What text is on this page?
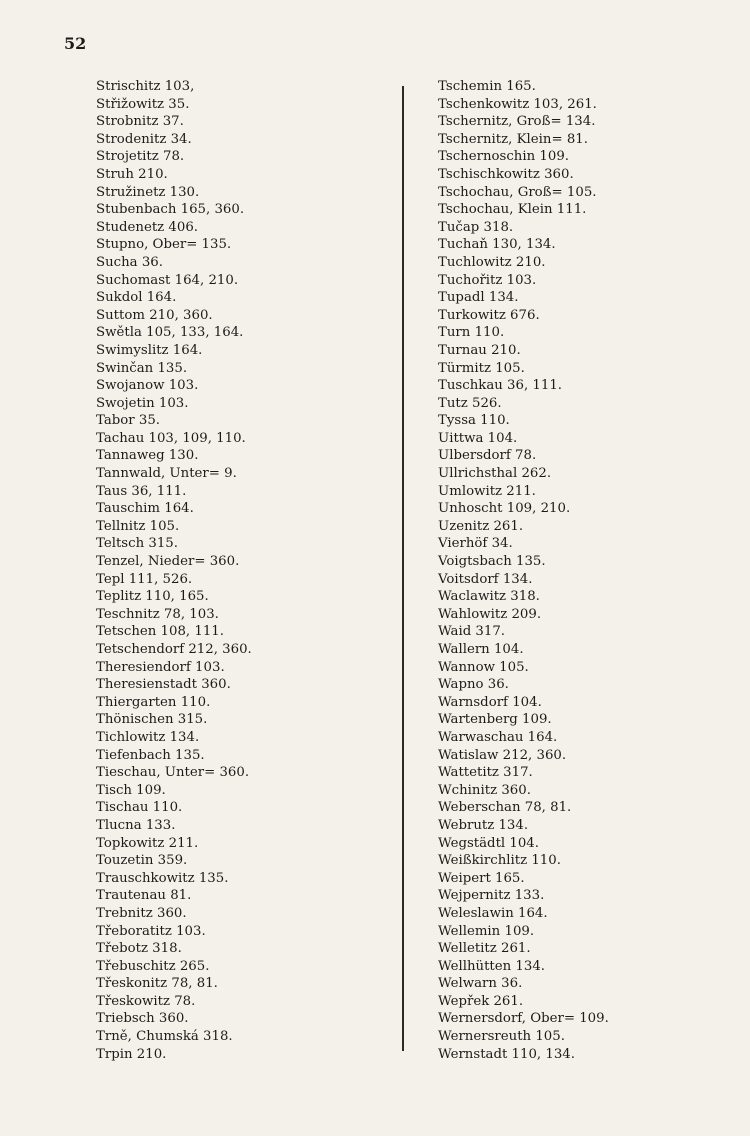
52
Strischitz 103,
Střižowitz 35.
Strobnitz 37.
Strodenitz 34.
Strojetitz 78.
Struh 210.
Stružinetz 130.
Stubenbach 165, 360.
Studenetz 406.
Stupno, Ober= 135.
Sucha 36.
Suchomast 164, 210.
Sukdol 164.
Suttom 210, 360.
Swětla 105, 133, 164.
Swimyslitz 164.
Swinčan 135.
Swojanow 103.
Swojetin 103.
Tabor 35.
Tachau 103, 109, 110.
Tannaweg 130.
Tannwald, Unter= 9.
Taus 36, 111.
Tauschim 164.
Tellnitz 105.
Teltsch 315.
Tenzel, Nieder= 360.
Tepl 111, 526.
Teplitz 110, 165.
Teschnitz 78, 103.
Tetschen 108, 111.
Tetschendorf 212, 360.
Theresiendorf 103.
Theresienstadt 360.
Thiergarten 110.
Thönischen 315.
Tichlowitz 134.
Tiefenbach 135.
Tieschau, Unter= 360.
Tisch 109.
Tischau 110.
Tlucna 133.
Topkowitz 211.
Touzetin 359.
Trauschkowitz 135.
Trautenau 81.
Trebnitz 360.
Třeboratitz 103.
Třebotz 318.
Třebuschitz 265.
Třeskonitz 78, 81.
Třeskowitz 78.
Triebsch 360.
Trně, Chumská 318.
Trpin 210.
Tschemin 165.
Tschenkowitz 103, 261.
Tschernitz, Groß= 134.
Tschernitz, Klein= 81.
Tschernoschin 109.
Tschischkowitz 360.
Tschochau, Groß= 105.
Tschochau, Klein 111.
Tučap 318.
Tuchaň 130, 134.
Tuchlowitz 210.
Tuchořitz 103.
Tupadl 134.
Turkowitz 676.
Turn 110.
Turnau 210.
Türmitz 105.
Tuschkau 36, 111.
Tutz 526.
Tyssa 110.
Uittwa 104.
Ulbersdorf 78.
Ullrichsthal 262.
Umlowitz 211.
Unhoscht 109, 210.
Uzenitz 261.
Vierhöf 34.
Voigtsbach 135.
Voitsdorf 134.
Waclawitz 318.
Wahlowitz 209.
Waid 317.
Wallern 104.
Wannow 105.
Wapno 36.
Warnsdorf 104.
Wartenberg 109.
Warwaschau 164.
Watislaw 212, 360.
Wattetitz 317.
Wchinitz 360.
Weberschan 78, 81.
Webrutz 134.
Wegstädtl 104.
Weißkirchlitz 110.
Weipert 165.
Wejpernitz 133.
Weleslawin 164.
Wellemin 109.
Welletitz 261.
Wellhütten 134.
Welwarn 36.
Wepřek 261.
Wernersdorf, Ober= 109.
Wernersreuth 105.
Wernstadt 110, 134.
